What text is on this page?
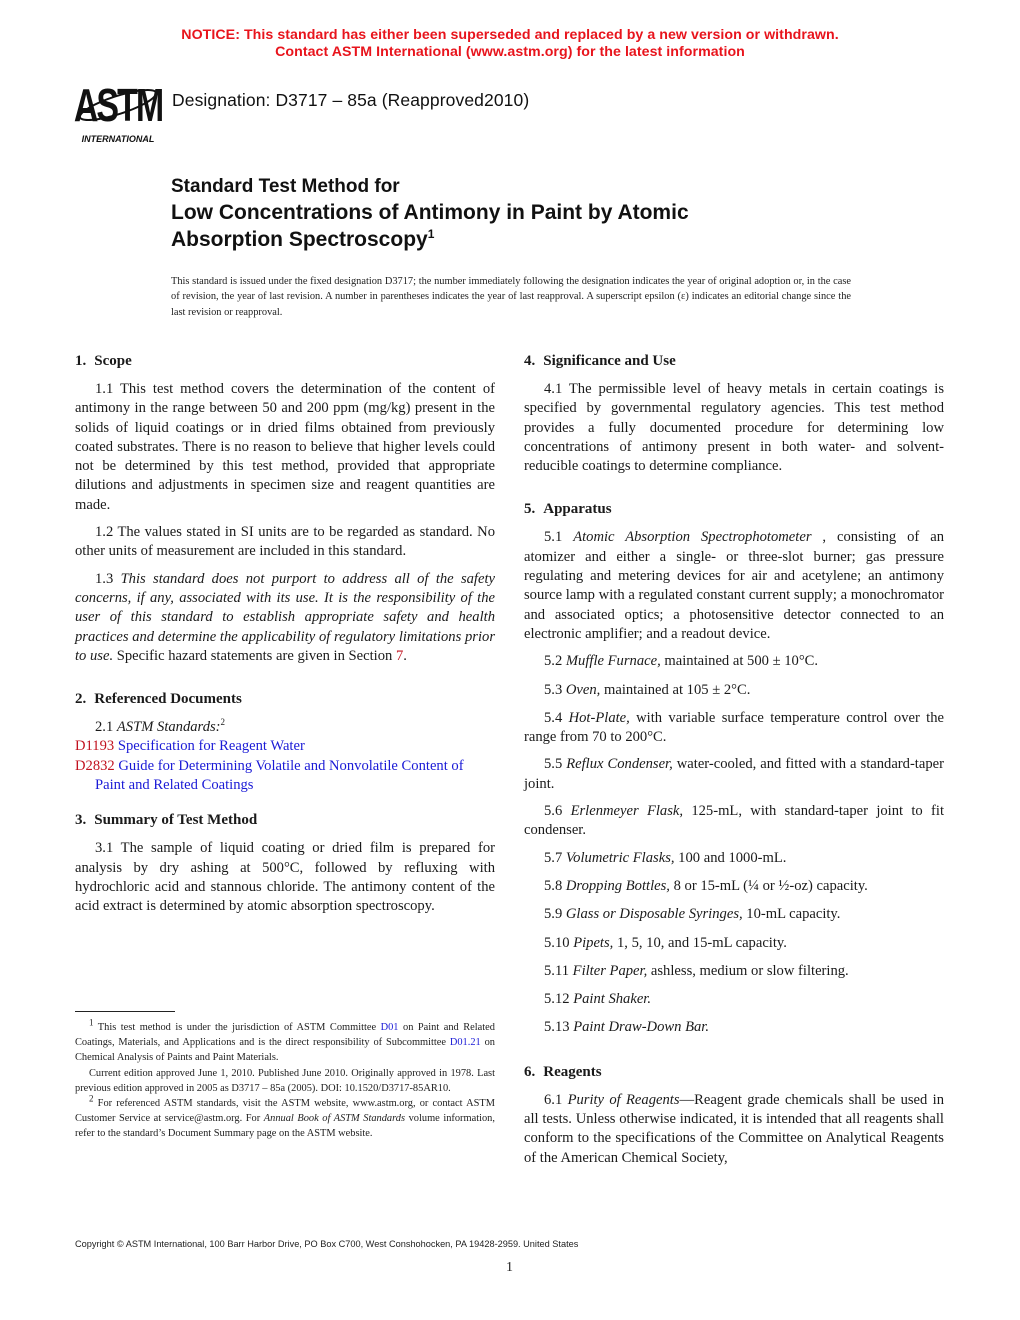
NOTICE: This standard has either been superseded and replaced by a new version or withdrawn.
Contact ASTM International (www.astm.org) for the latest information
ASTM
INTERNATIONAL
Designation: D3717 – 85a (Reapproved2010)
Standard Test Method for
Low Concentrations of Antimony in Paint by Atomic
Absorption Spectroscopy$^1$
This standard is issued under the fixed designation D3717; the number immediately following the designation indicates the year of original adoption or, in the case of revision, the year of last revision. A number in parentheses indicates the year of last reapproval. A superscript epsilon (ε) indicates an editorial change since the last revision or reapproval.
1. Scope

1.1 This test method covers the determination of the content of antimony in the range between 50 and 200 ppm (mg/kg) present in the solids of liquid coatings or in dried films obtained from previously coated substrates. There is no reason to believe that higher levels could not be determined by this test method, provided that appropriate dilutions and adjustments in specimen size and reagent quantities are made.

1.2 The values stated in SI units are to be regarded as standard. No other units of measurement are included in this standard.

1.3 This standard does not purport to address all of the safety concerns, if any, associated with its use. It is the responsibility of the user of this standard to establish appropriate safety and health practices and determine the applicability of regulatory limitations prior to use. Specific hazard statements are given in Section 7.

2. Referenced Documents

2.1 ASTM Standards:$^2$

D1193 Specification for Reagent Water
D2832 Guide for Determining Volatile and Nonvolatile Content of Paint and Related Coatings
3. Summary of Test Method

3.1 The sample of liquid coating or dried film is prepared for analysis by dry ashing at 500°C, followed by refluxing with hydrochloric acid and stannous chloride. The antimony content of the acid extract is determined by atomic absorption spectroscopy.

$^1$ This test method is under the jurisdiction of ASTM Committee D01 on Paint and Related Coatings, Materials, and Applications and is the direct responsibility of Subcommittee D01.21 on Chemical Analysis of Paints and Paint Materials.

Current edition approved June 1, 2010. Published June 2010. Originally approved in 1978. Last previous edition approved in 2005 as D3717 – 85a (2005). DOI: 10.1520/D3717-85AR10.

$^2$ For referenced ASTM standards, visit the ASTM website, www.astm.org, or contact ASTM Customer Service at service@astm.org. For Annual Book of ASTM Standards volume information, refer to the standard’s Document Summary page on the ASTM website.

4. Significance and Use

4.1 The permissible level of heavy metals in certain coatings is specified by governmental regulatory agencies. This test method provides a fully documented procedure for determining low concentrations of antimony present in both water- and solvent-reducible coatings to determine compliance.

5. Apparatus

5.1 Atomic Absorption Spectrophotometer , consisting of an atomizer and either a single- or three-slot burner; gas pressure regulating and metering devices for air and acetylene; an antimony source lamp with a regulated constant current supply; a monochromator and associated optics; a photosensitive detector connected to an electronic amplifier; and a readout device.

5.2 Muffle Furnace, maintained at 500 ± 10°C.

5.3 Oven, maintained at 105 ± 2°C.

5.4 Hot-Plate, with variable surface temperature control over the range from 70 to 200°C.

5.5 Reflux Condenser, water-cooled, and fitted with a standard-taper joint.

5.6 Erlenmeyer Flask, 125-mL, with standard-taper joint to fit condenser.

5.7 Volumetric Flasks, 100 and 1000-mL.

5.8 Dropping Bottles, 8 or 15-mL (¼ or ½-oz) capacity.

5.9 Glass or Disposable Syringes, 10-mL capacity.

5.10 Pipets, 1, 5, 10, and 15-mL capacity.

5.11 Filter Paper, ashless, medium or slow filtering.

5.12 Paint Shaker.

5.13 Paint Draw-Down Bar.

6. Reagents

6.1 Purity of Reagents—Reagent grade chemicals shall be used in all tests. Unless otherwise indicated, it is intended that all reagents shall conform to the specifications of the Committee on Analytical Reagents of the American Chemical Society,

Copyright © ASTM International, 100 Barr Harbor Drive, PO Box C700, West Conshohocken, PA 19428-2959. United States
1
